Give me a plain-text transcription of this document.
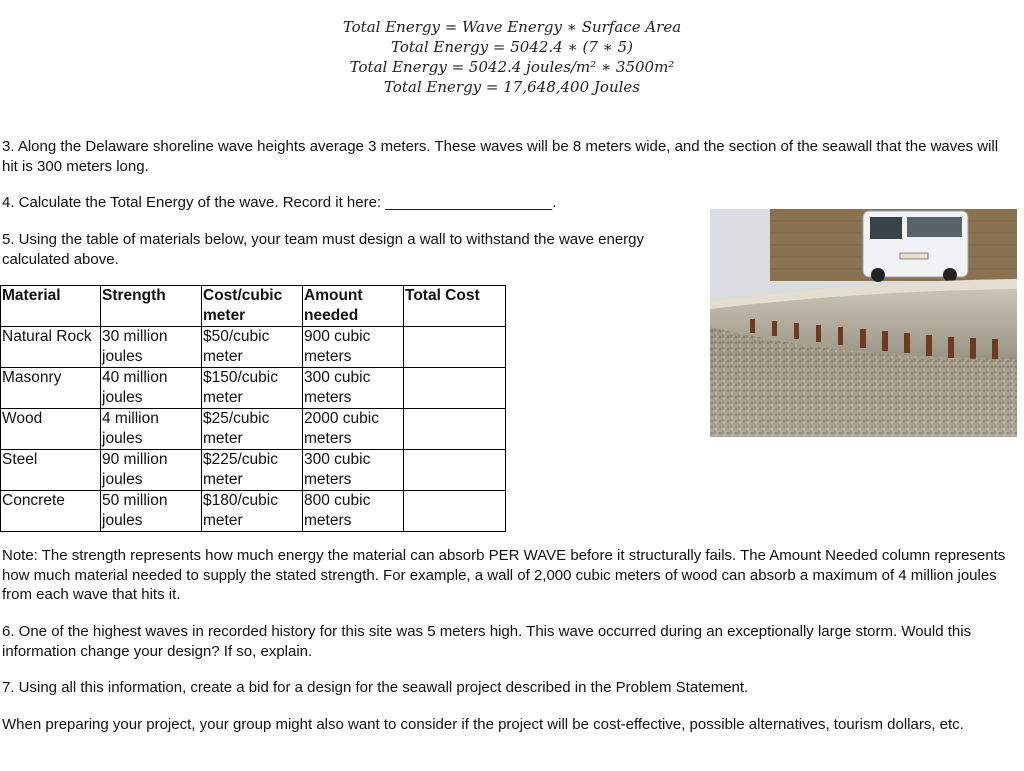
Total Energy = Wave Energy ∗ Surface Area
Total Energy = 5042.4 ∗ (7 ∗ 5)
Total Energy = 5042.4 joules/m² ∗ 3500m²
Total Energy = 17,648,400 Joules

3. Along the Delaware shoreline wave heights average 3 meters. These waves will be 8 meters wide, and the section of the seawall that the waves will hit is 300 meters long.

4. Calculate the Total Energy of the wave. Record it here: ____________________.

5. Using the table of materials below, your team must design a wall to withstand the wave energy calculated above.

Material	Strength	Cost/cubic meter	Amount needed	Total Cost
Natural Rock	30 million joules	$50/cubic meter	900 cubic meters	
Masonry	40 million joules	$150/cubic meter	300 cubic meters	
Wood	4 million joules	$25/cubic meter	2000 cubic meters	
Steel	90 million joules	$225/cubic meter	300 cubic meters	
Concrete	50 million joules	$180/cubic meter	800 cubic meters	

Note: The strength represents how much energy the material can absorb PER WAVE before it structurally fails. The Amount Needed column represents how much material needed to supply the stated strength. For example, a wall of 2,000 cubic meters of wood can absorb a maximum of 4 million joules from each wave that hits it.

6. One of the highest waves in recorded history for this site was 5 meters high. This wave occurred during an exceptionally large storm. Would this information change your design? If so, explain.

7. Using all this information, create a bid for a design for the seawall project described in the Problem Statement.

When preparing your project, your group might also want to consider if the project will be cost-effective, possible alternatives, tourism dollars, etc.
